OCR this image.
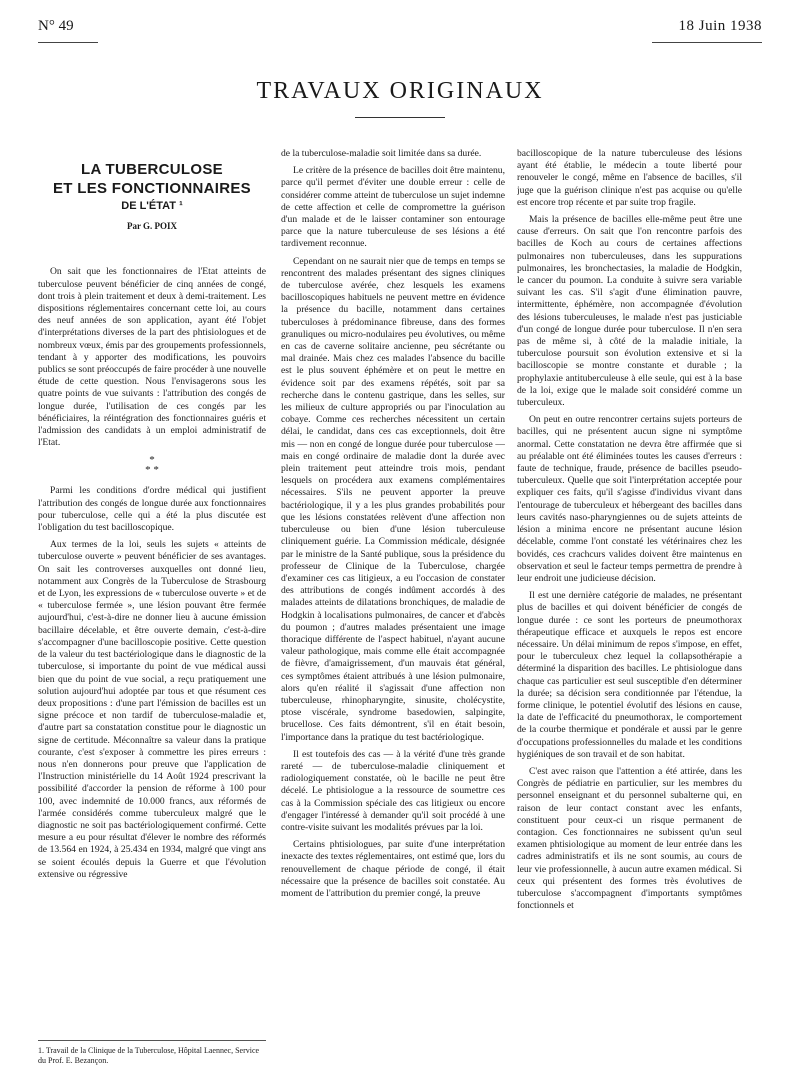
N° 49	18 Juin 1938
TRAVAUX ORIGINAUX
LA TUBERCULOSE
ET LES FONCTIONNAIRES
DE L'ÉTAT ¹
Par G. POIX

On sait que les fonctionnaires de l'Etat atteints de tuberculose peuvent bénéficier de cinq années de congé, dont trois à plein traitement et deux à demi-traitement. Les dispositions réglementaires concernant cette loi, au cours des neuf années de son application, ayant été l'objet d'interprétations diverses de la part des phtisiologues et de nombreux vœux, émis par des groupements professionnels, tendant à y apporter des modifications, les pouvoirs publics se sont préoccupés de faire procéder à une nouvelle étude de cette question. Nous l'envisagerons sous les quatre points de vue suivants : l'attribution des congés de longue durée, l'utilisation de ces congés par les bénéficiaires, la réintégration des fonctionnaires guéris et l'admission des candidats à un emploi administratif de l'Etat.

*
* *

Parmi les conditions d'ordre médical qui justifient l'attribution des congés de longue durée aux fonctionnaires pour tuberculose, celle qui a été la plus discutée est l'obligation du test bacilloscopique.

Aux termes de la loi, seuls les sujets « atteints de tuberculose ouverte » peuvent bénéficier de ses avantages. On sait les controverses auxquelles ont donné lieu, notamment aux Congrès de la Tuberculose de Strasbourg et de Lyon, les expressions de « tuberculose ouverte » et de « tuberculose fermée », une lésion pouvant être fermée aujourd'hui, c'est-à-dire ne donner lieu à aucune émission bacillaire décelable, et être ouverte demain, c'est-à-dire s'accompagner d'une bacilloscopie positive. Cette question de la valeur du test bactériologique dans le diagnostic de la tuberculose, si importante du point de vue médical aussi bien que du point de vue social, a reçu pratiquement une solution aujourd'hui adoptée par tous et que résument ces deux propositions : d'une part l'émission de bacilles est un signe précoce et non tardif de tuberculose-maladie et, d'autre part sa constatation constitue pour le diagnostic un signe de certitude. Méconnaître sa valeur dans la pratique courante, c'est s'exposer à commettre les pires erreurs : nous n'en donnerons pour preuve que l'application de l'Instruction ministérielle du 14 Août 1924 prescrivant la possibilité d'accorder la pension de réforme à 100 pour 100, avec indemnité de 10.000 francs, aux réformés de l'armée considérés comme tuberculeux malgré que le diagnostic ne soit pas bactériologiquement confirmé. Cette mesure a eu pour résultat d'élever le nombre des réformés de 13.564 en 1924, à 25.434 en 1934, malgré que vingt ans se soient écoulés depuis la Guerre et que l'évolution extensive ou régressive

de la tuberculose-maladie soit limitée dans sa durée.

Le critère de la présence de bacilles doit être maintenu, parce qu'il permet d'éviter une double erreur : celle de considérer comme atteint de tuberculose un sujet indemne de cette affection et celle de compromettre la guérison d'un malade et de le laisser contaminer son entourage parce que la nature tuberculeuse de ses lésions a été tardivement reconnue.

Cependant on ne saurait nier que de temps en temps se rencontrent des malades présentant des signes cliniques de tuberculose avérée, chez lesquels les examens bacilloscopiques habituels ne peuvent mettre en évidence la présence du bacille, notamment dans certaines tuberculoses à prédominance fibreuse, dans des formes granuliques ou micro-nodulaires peu évolutives, ou même en cas de caverne solitaire ancienne, peu sécrétante ou mal drainée. Mais chez ces malades l'absence du bacille est le plus souvent éphémère et on peut le mettre en évidence soit par des examens répétés, soit par sa recherche dans le contenu gastrique, dans les selles, sur les milieux de culture appropriés ou par l'inoculation au cobaye. Comme ces recherches nécessitent un certain délai, le candidat, dans ces cas exceptionnels, doit être mis — non en congé de longue durée pour tuberculose — mais en congé ordinaire de maladie dont la durée avec plein traitement peut atteindre trois mois, pendant lesquels on procédera aux examens complémentaires nécessaires. S'ils ne peuvent apporter la preuve bactériologique, il y a les plus grandes probabilités pour que les lésions constatées relèvent d'une affection non tuberculeuse ou bien d'une lésion tuberculeuse cliniquement guérie. La Commission médicale, désignée par le ministre de la Santé publique, sous la présidence du professeur de Clinique de la Tuberculose, chargée d'examiner ces cas litigieux, a eu l'occasion de constater des attributions de congés indûment accordés à des malades atteints de dilatations bronchiques, de maladie de Hodgkin à localisations pulmonaires, de cancer et d'abcès du poumon ; d'autres malades présentaient une image thoracique différente de l'aspect habituel, n'ayant aucune valeur pathologique, mais comme elle était accompagnée de fièvre, d'amaigrissement, d'un mauvais état général, ces symptômes étaient attribués à une lésion pulmonaire, alors qu'en réalité il s'agissait d'une affection non tuberculeuse, rhinopharyngite, sinusite, cholécystite, ptose viscérale, syndrome basedowien, salpingite, brucellose. Ces faits démontrent, s'il en était besoin, l'importance dans la pratique du test bactériologique.

Il est toutefois des cas — à la vérité d'une très grande rareté — de tuberculose-maladie cliniquement et radiologiquement constatée, où le bacille ne peut être décelé. Le phtisiologue a la ressource de soumettre ces cas à la Commission spéciale des cas litigieux ou encore d'engager l'intéressé à demander qu'il soit procédé à une contre-visite suivant les modalités prévues par la loi.

Certains phtisiologues, par suite d'une interprétation inexacte des textes réglementaires, ont estimé que, lors du renouvellement de chaque période de congé, il était nécessaire que la présence de bacilles soit constatée. Au moment de l'attribution du premier congé, la preuve

bacilloscopique de la nature tuberculeuse des lésions ayant été établie, le médecin a toute liberté pour renouveler le congé, même en l'absence de bacilles, s'il juge que la guérison clinique n'est pas acquise ou qu'elle est encore trop récente et par suite trop fragile.

Mais la présence de bacilles elle-même peut être une cause d'erreurs. On sait que l'on rencontre parfois des bacilles de Koch au cours de certaines affections pulmonaires non tuberculeuses, dans les suppurations pulmonaires, les bronchectasies, la maladie de Hodgkin, le cancer du poumon. La conduite à suivre sera variable suivant les cas. S'il s'agit d'une élimination pauvre, intermittente, éphémère, non accompagnée d'évolution des lésions tuberculeuses, le malade n'est pas justiciable d'un congé de longue durée pour tuberculose. Il n'en sera pas de même si, à côté de la maladie initiale, la tuberculose poursuit son évolution extensive et si la bacilloscopie se montre constante et durable ; la prophylaxie antituberculeuse à elle seule, qui est à la base de la loi, exige que le malade soit considéré comme un tuberculeux.

On peut en outre rencontrer certains sujets porteurs de bacilles, qui ne présentent aucun signe ni symptôme anormal. Cette constatation ne devra être affirmée que si au préalable ont été éliminées toutes les causes d'erreurs : faute de technique, fraude, présence de bacilles pseudo-tuberculeux. Quelle que soit l'interprétation acceptée pour expliquer ces faits, qu'il s'agisse d'individus vivant dans l'entourage de tuberculeux et hébergeant des bacilles dans leurs cavités naso-pharyngiennes ou de sujets atteints de lésion a minima encore ne présentant aucune lésion décelable, comme l'ont constaté les vétérinaires chez les bovidés, ces crachcurs valides doivent être maintenus en observation et seul le facteur temps permettra de prendre à leur endroit une judicieuse décision.

Il est une dernière catégorie de malades, ne présentant plus de bacilles et qui doivent bénéficier de congés de longue durée : ce sont les porteurs de pneumothorax thérapeutique efficace et auxquels le repos est encore nécessaire. Un délai minimum de repos s'impose, en effet, pour le tuberculeux chez lequel la collapsothérapie a déterminé la disparition des bacilles. Le phtisiologue dans chaque cas particulier est seul susceptible d'en déterminer la durée; sa décision sera conditionnée par l'étendue, la forme clinique, le potentiel évolutif des lésions en cause, la date de l'efficacité du pneumothorax, le comportement de la courbe thermique et pondérale et aussi par le genre d'occupations professionnelles du malade et les conditions hygiéniques de son travail et de son habitat.

C'est avec raison que l'attention a été attirée, dans les Congrès de pédiatrie en particulier, sur les membres du personnel enseignant et du personnel subalterne qui, en raison de leur contact constant avec les enfants, constituent pour ceux-ci un risque permanent de contagion. Ces fonctionnaires ne subissent qu'un seul examen phtisiologique au moment de leur entrée dans les cadres administratifs et ils ne sont soumis, au cours de leur vie professionnelle, à aucun autre examen médical. Si ceux qui présentent des formes très évolutives de tuberculose s'accompagnent d'importants symptômes fonctionnels et

1. Travail de la Clinique de la Tuberculose, Hôpital Laennec, Service du Prof. E. Bezançon.
